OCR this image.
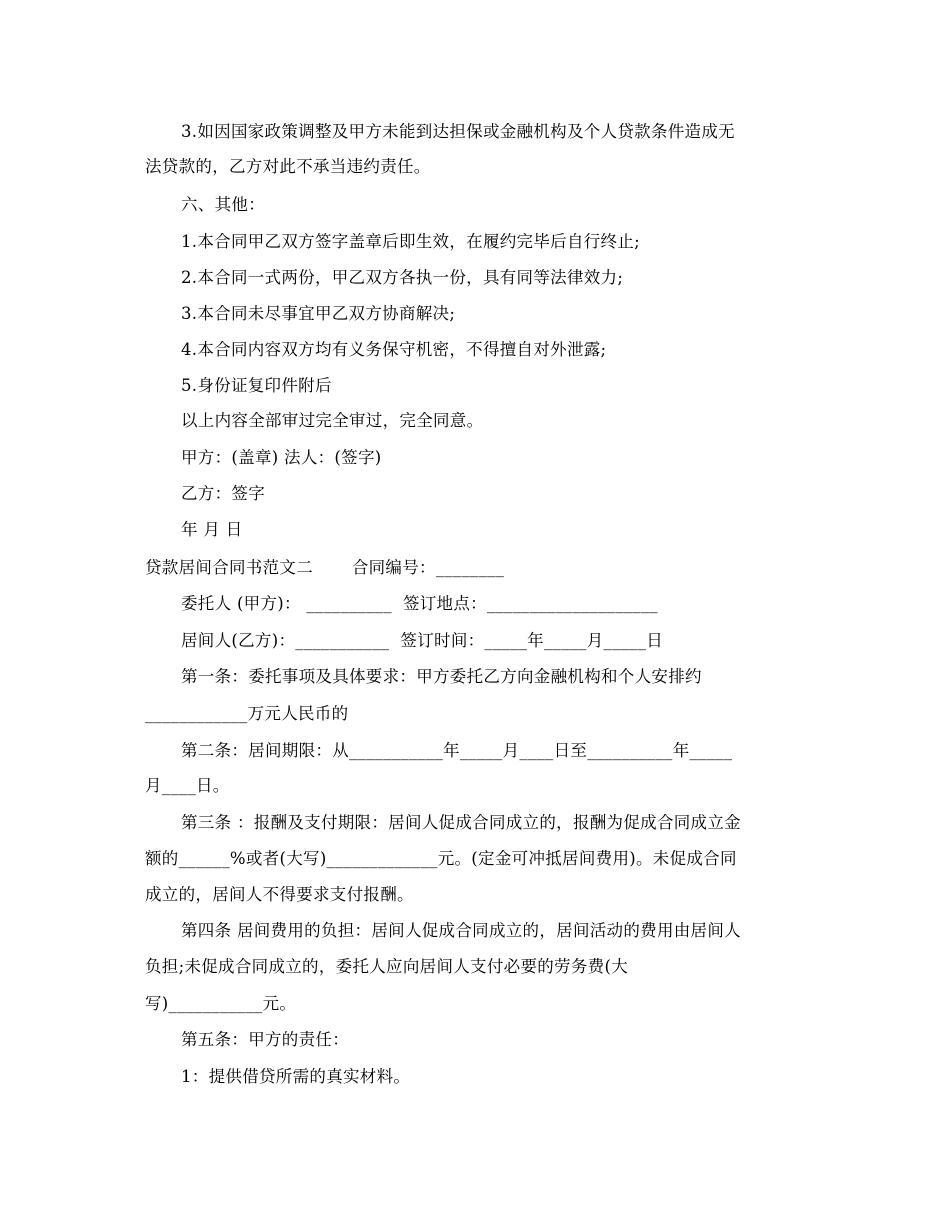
3.如因国家政策调整及甲方未能到达担保或金融机构及个人贷款条件造成无
法贷款的，乙方对此不承当违约责任。
六、其他：
1.本合同甲乙双方签字盖章后即生效，在履约完毕后自行终止;
2.本合同一式两份，甲乙双方各执一份，具有同等法律效力;
3.本合同未尽事宜甲乙双方协商解决;
4.本合同内容双方均有义务保守机密，不得擅自对外泄露;
5.身份证复印件附后
以上内容全部审过完全审过，完全同意。
甲方：(盖章) 法人：(签字)
乙方：签字
年 月 日
贷款居间合同书范文二       合同编号：________
委托人 (甲方)： __________  签订地点：____________________
居间人(乙方)：___________  签订时间：_____年_____月_____日
第一条：委托事项及具体要求：甲方委托乙方向金融机构和个人安排约
____________万元人民币的
第二条：居间期限：从___________年_____月____日至__________年_____
月____日。
第三条 ：报酬及支付期限：居间人促成合同成立的，报酬为促成合同成立金
额的______%或者(大写)_____________元。(定金可冲抵居间费用)。未促成合同
成立的，居间人不得要求支付报酬。
第四条 居间费用的负担：居间人促成合同成立的，居间活动的费用由居间人
负担;未促成合同成立的，委托人应向居间人支付必要的劳务费(大
写)___________元。
第五条：甲方的责任：
1：提供借贷所需的真实材料。
